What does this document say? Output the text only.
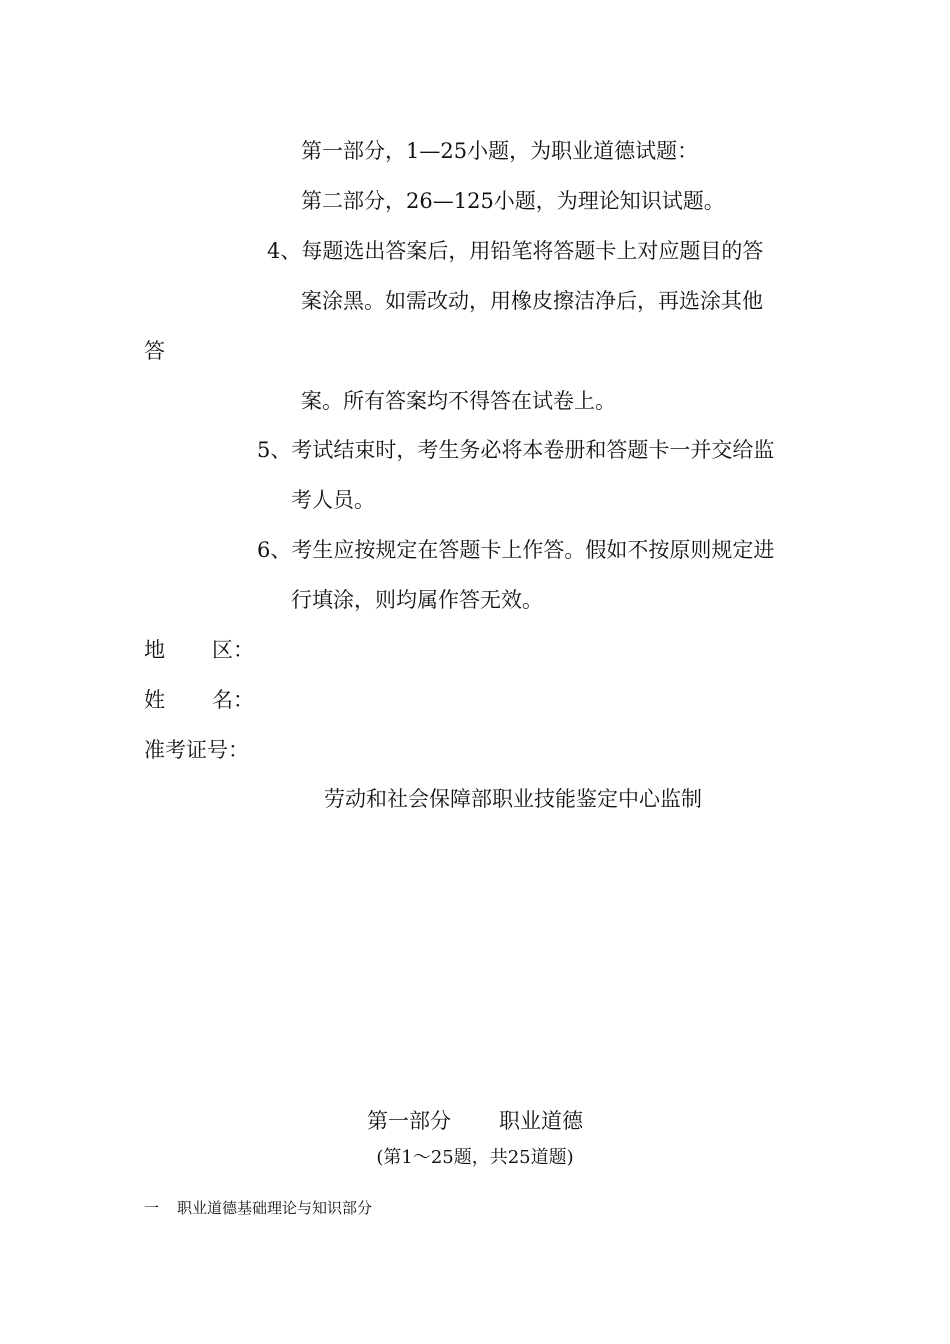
第一部分，1—25小题，为职业道德试题：
第二部分，26—125小题，为理论知识试题。
4、每题选出答案后，用铅笔将答题卡上对应题目的答
案涂黑。如需改动，用橡皮擦洁净后，再选涂其他
答
案。所有答案均不得答在试卷上。
5、考试结束时，考生务必将本卷册和答题卡一并交给监
考人员。
6、考生应按规定在答题卡上作答。假如不按原则规定进
行填涂，则均属作答无效。
地 区：
姓 名：
准考证号：
劳动和社会保障部职业技能鉴定中心监制
第一部分 职业道德
(第1～25题，共25道题)
一 职业道德基础理论与知识部分
